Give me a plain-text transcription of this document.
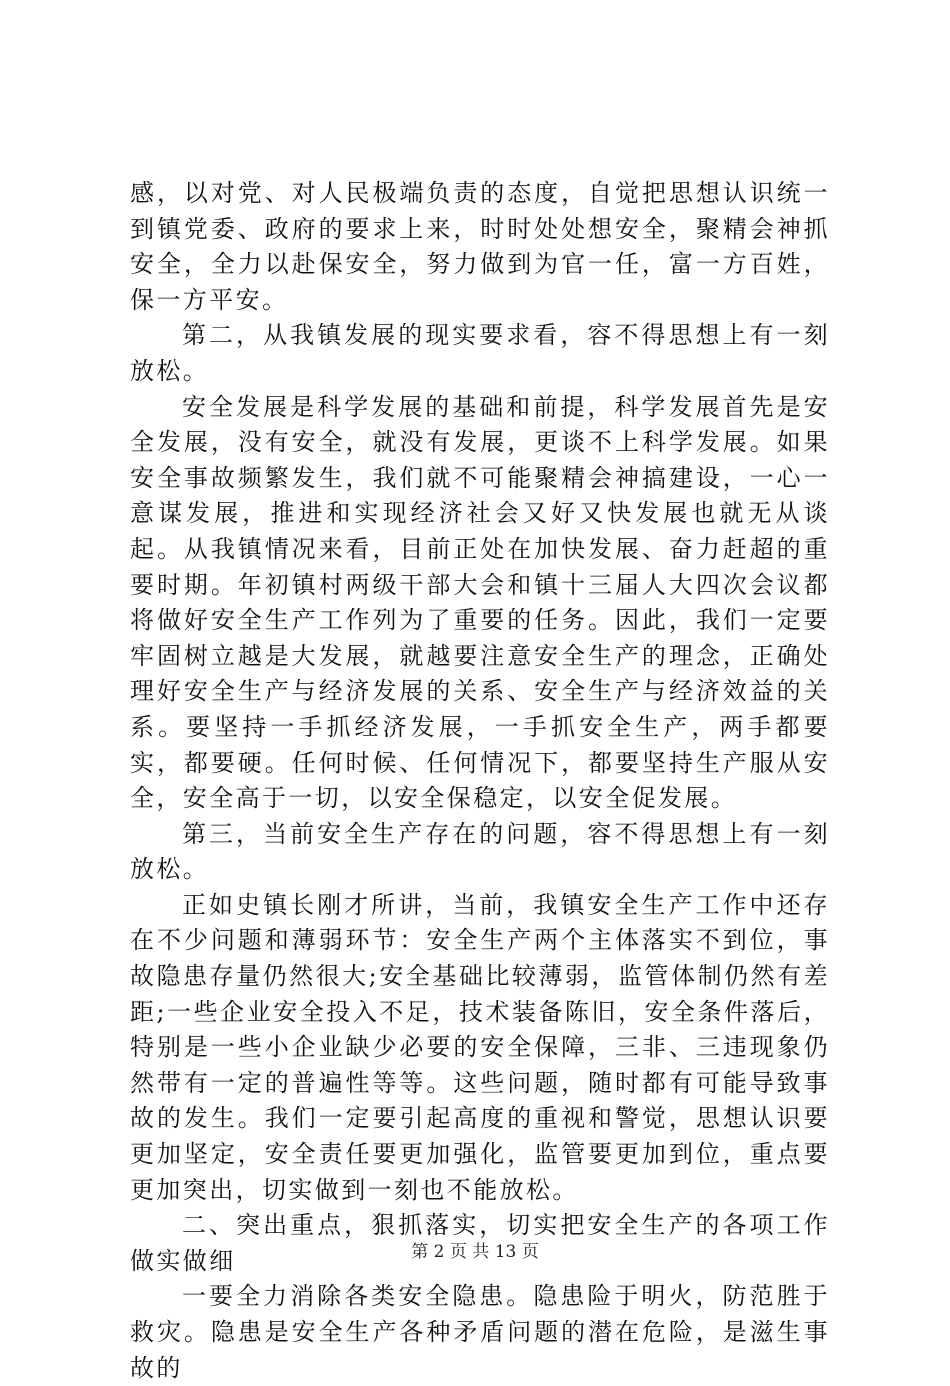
感，以对党、对人民极端负责的态度，自觉把思想认识统一到镇党委、政府的要求上来，时时处处想安全，聚精会神抓安全，全力以赴保安全，努力做到为官一任，富一方百姓，保一方平安。

第二，从我镇发展的现实要求看，容不得思想上有一刻放松。

安全发展是科学发展的基础和前提，科学发展首先是安全发展，没有安全，就没有发展，更谈不上科学发展。如果安全事故频繁发生，我们就不可能聚精会神搞建设，一心一意谋发展，推进和实现经济社会又好又快发展也就无从谈起。从我镇情况来看，目前正处在加快发展、奋力赶超的重要时期。年初镇村两级干部大会和镇十三届人大四次会议都将做好安全生产工作列为了重要的任务。因此，我们一定要牢固树立越是大发展，就越要注意安全生产的理念，正确处理好安全生产与经济发展的关系、安全生产与经济效益的关系。要坚持一手抓经济发展，一手抓安全生产，两手都要实，都要硬。任何时候、任何情况下，都要坚持生产服从安全，安全高于一切，以安全保稳定，以安全促发展。

第三，当前安全生产存在的问题，容不得思想上有一刻放松。

正如史镇长刚才所讲，当前，我镇安全生产工作中还存在不少问题和薄弱环节：安全生产两个主体落实不到位，事故隐患存量仍然很大;安全基础比较薄弱，监管体制仍然有差距;一些企业安全投入不足，技术装备陈旧，安全条件落后，特别是一些小企业缺少必要的安全保障，三非、三违现象仍然带有一定的普遍性等等。这些问题，随时都有可能导致事故的发生。我们一定要引起高度的重视和警觉，思想认识要更加坚定，安全责任要更加强化，监管要更加到位，重点要更加突出，切实做到一刻也不能放松。

二、突出重点，狠抓落实，切实把安全生产的各项工作做实做细

一要全力消除各类安全隐患。隐患险于明火，防范胜于救灾。隐患是安全生产各种矛盾问题的潜在危险，是滋生事故的

第 2 页 共 13 页
